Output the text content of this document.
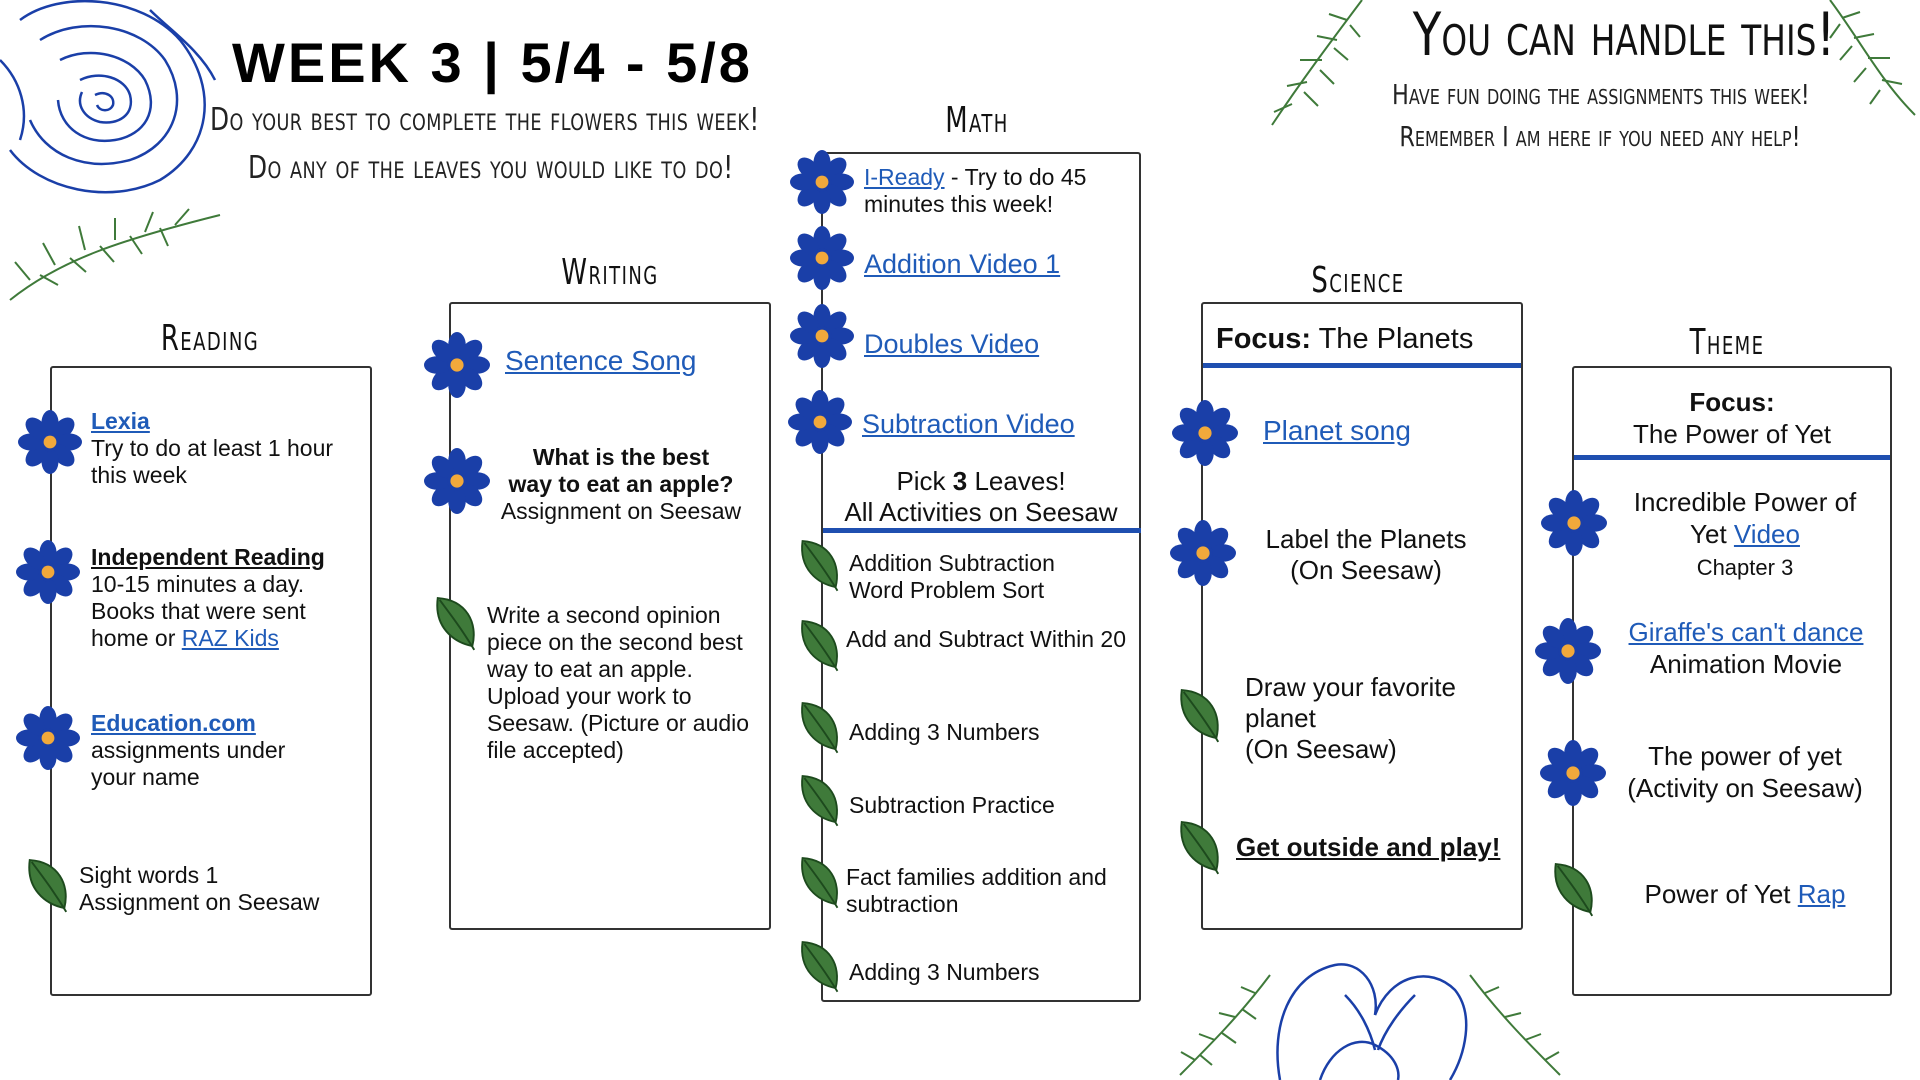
WEEK 3 | 5/4 - 5/8
Do your best to complete the flowers this week!
Do any of the leaves you would like to do!
You can handle this!
Have fun doing the assignments this week!
Remember I am here if you need any help!
Reading
Lexia
Try to do at least 1 hour this week
Independent Reading
10-15 minutes a day. Books that were sent home or RAZ Kids
Education.com
assignments under your name
Sight words 1
Assignment on Seesaw
Writing
Sentence Song
What is the best
way to eat an apple?
Assignment on Seesaw
Write a second opinion piece on the second best way to eat an apple. Upload your work to Seesaw. (Picture or audio file accepted)
Math
I-Ready - Try to do 45 minutes this week!
Addition Video 1
Doubles Video
Subtraction Video
Pick 3 Leaves!
All Activities on Seesaw
Addition Subtraction Word Problem Sort
Add and Subtract Within 20
Adding 3 Numbers
Subtraction Practice
Fact families addition and subtraction
Adding 3 Numbers
Science
Focus: The Planets
Planet song
Label the Planets
(On Seesaw)
Draw your favorite planet
(On Seesaw)
Get outside and play!
Theme
Focus:
The Power of Yet
Incredible Power of
Yet Video
Chapter 3
Giraffe's can't dance
Animation Movie
The power of yet
(Activity on Seesaw)
Power of Yet Rap
